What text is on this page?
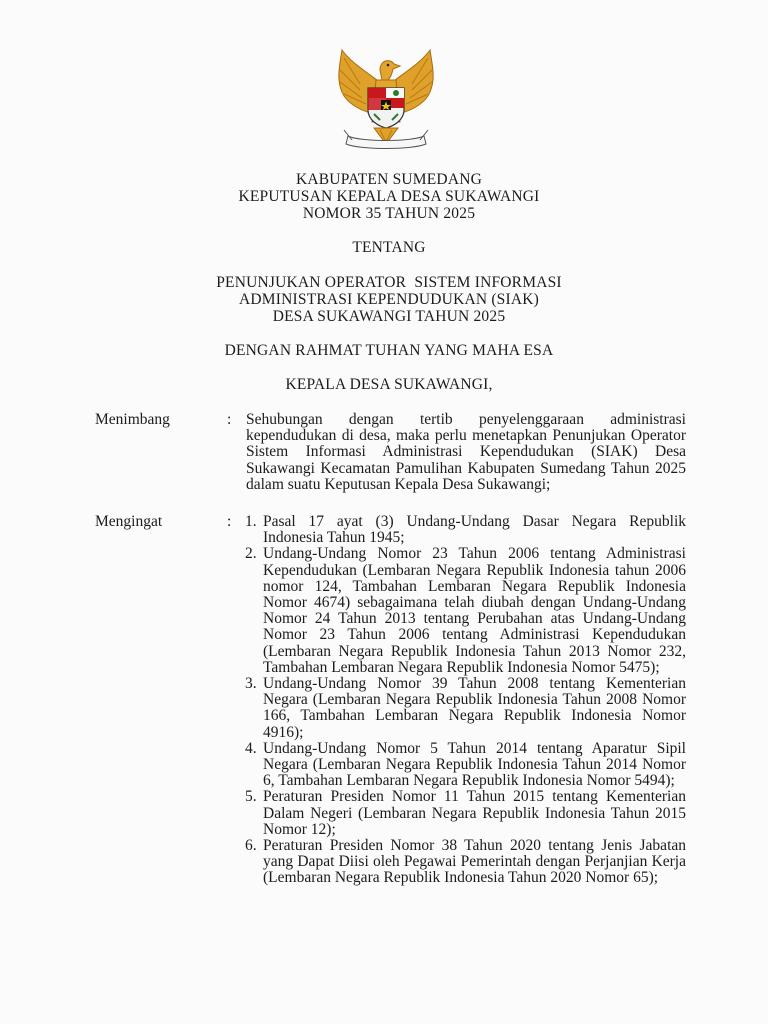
KABUPATEN SUMEDANG
KEPUTUSAN KEPALA DESA SUKAWANGI
NOMOR 35 TAHUN 2025
TENTANG
PENUNJUKAN OPERATOR  SISTEM INFORMASI
ADMINISTRASI KEPENDUDUKAN (SIAK)
DESA SUKAWANGI TAHUN 2025
DENGAN RAHMAT TUHAN YANG MAHA ESA
KEPALA DESA SUKAWANGI,
Menimbang	: Sehubungan dengan tertib penyelenggaraan administrasi kependudukan di desa, maka perlu menetapkan Penunjukan Operator Sistem Informasi Administrasi Kependudukan (SIAK) Desa Sukawangi Kecamatan Pamulihan Kabupaten Sumedang Tahun 2025 dalam suatu Keputusan Kepala Desa Sukawangi;

Mengingat	: 1. Pasal 17 ayat (3) Undang-Undang Dasar Negara Republik Indonesia Tahun 1945;
2. Undang-Undang Nomor 23 Tahun 2006 tentang Administrasi Kependudukan (Lembaran Negara Republik Indonesia tahun 2006 nomor 124, Tambahan Lembaran Negara Republik Indonesia Nomor 4674) sebagaimana telah diubah dengan Undang-Undang Nomor 24 Tahun 2013 tentang Perubahan atas Undang-Undang Nomor 23 Tahun 2006 tentang Administrasi Kependudukan (Lembaran Negara Republik Indonesia Tahun 2013 Nomor 232, Tambahan Lembaran Negara Republik Indonesia Nomor 5475);
3. Undang-Undang Nomor 39 Tahun 2008 tentang Kementerian Negara (Lembaran Negara Republik Indonesia Tahun 2008 Nomor 166, Tambahan Lembaran Negara Republik Indonesia Nomor 4916);
4. Undang-Undang Nomor 5 Tahun 2014 tentang Aparatur Sipil Negara (Lembaran Negara Republik Indonesia Tahun 2014 Nomor 6, Tambahan Lembaran Negara Republik Indonesia Nomor 5494);
5. Peraturan Presiden Nomor 11 Tahun 2015 tentang Kementerian Dalam Negeri (Lembaran Negara Republik Indonesia Tahun 2015 Nomor 12);
6. Peraturan Presiden Nomor 38 Tahun 2020 tentang Jenis Jabatan yang Dapat Diisi oleh Pegawai Pemerintah dengan Perjanjian Kerja (Lembaran Negara Republik Indonesia Tahun 2020 Nomor 65);
